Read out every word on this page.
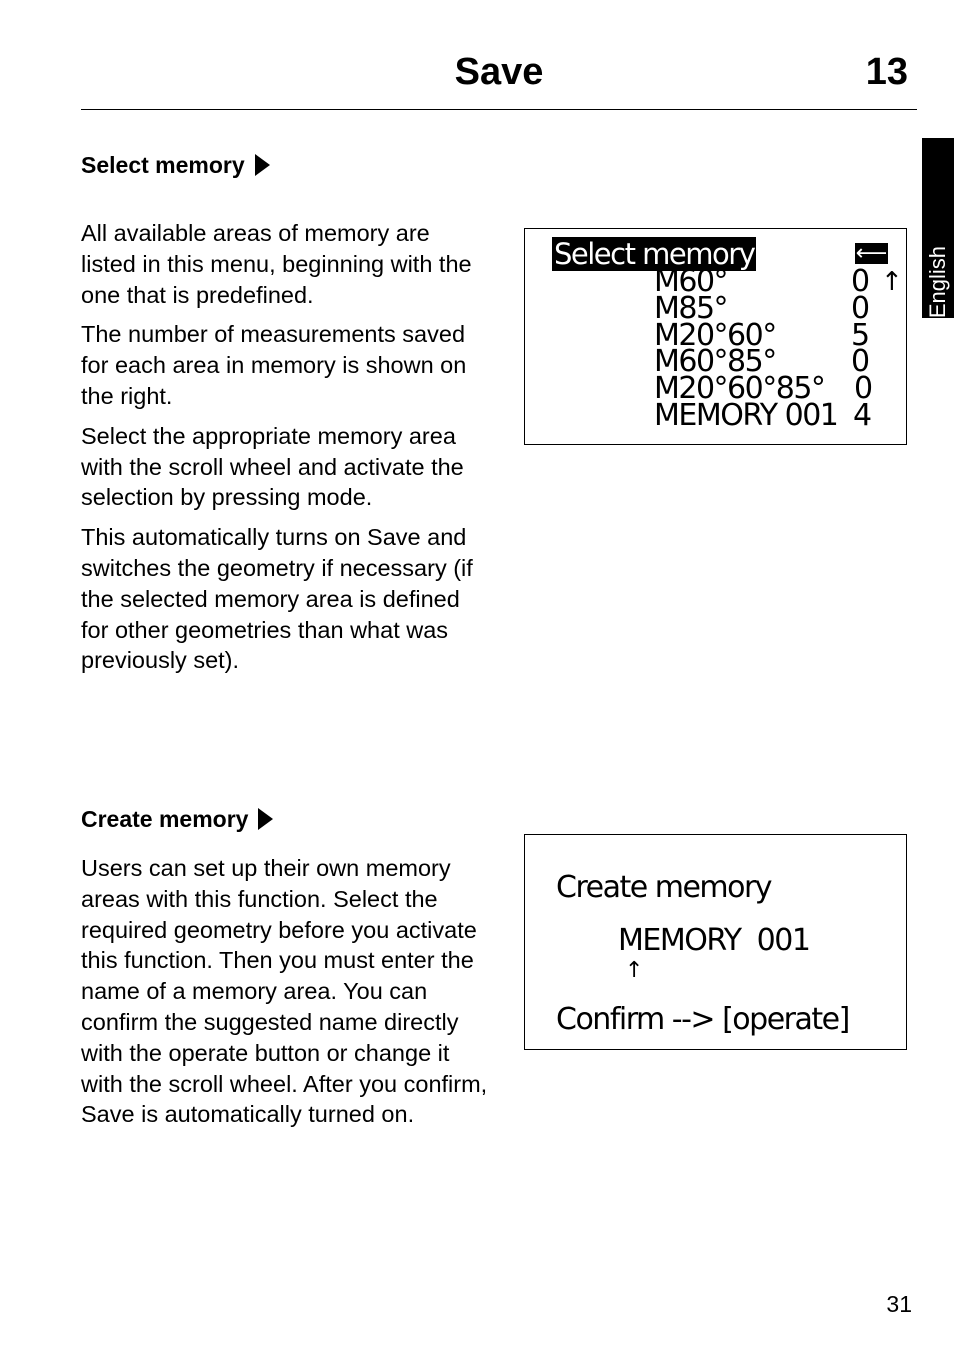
Save	13
English
Select memory

All available areas of memory are listed in this menu, beginning with the one that is predefined.

The number of measurements saved for each area in memory is shown on the right.

Select the appropriate memory area with the scroll wheel and activate the selection by pressing mode.

This automatically turns on Save and switches the geometry if necessary (if the selected memory area is defined for other geometries than what was previously set).

Select memory	⟵
M60°	0 ↑
M85°	0
M20°60°	5
M60°85°	0
M20°60°85° 0
MEMORY 001 4
Create memory

Users can set up their own memory areas with this function. Select the required geometry before you activate this function. Then you must enter the name of a memory area. You can confirm the suggested name directly with the operate button or change it with the scroll wheel. After you confirm, Save is automatically turned on.

Create memory
MEMORY  001
↑
Confirm --> [operate]
31
